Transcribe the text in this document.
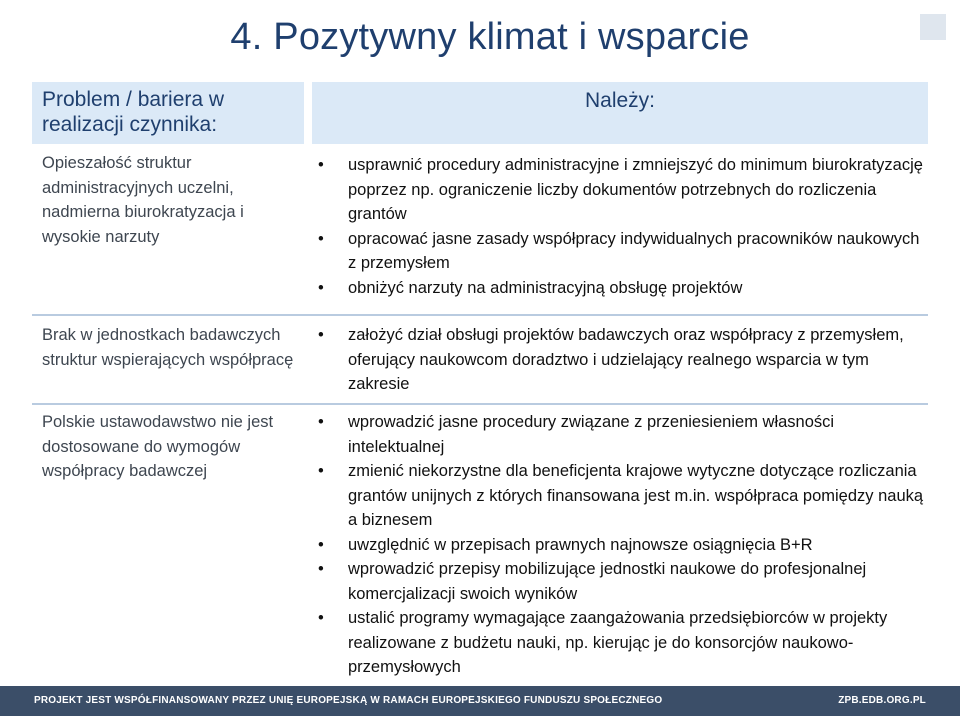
4. Pozytywny klimat i wsparcie
Problem / bariera w realizacji czynnika:
Należy:
Opieszałość struktur administracyjnych uczelni, nadmierna biurokratyzacja i wysokie narzuty
• usprawnić procedury administracyjne i zmniejszyć do minimum biurokratyzację poprzez np. ograniczenie liczby dokumentów potrzebnych do rozliczenia grantów
• opracować jasne zasady współpracy indywidualnych pracowników naukowych z przemysłem
• obniżyć narzuty na administracyjną obsługę projektów
Brak w jednostkach badawczych struktur wspierających współpracę
• założyć dział obsługi projektów badawczych oraz współpracy z przemysłem, oferujący naukowcom doradztwo i udzielający realnego wsparcia w tym zakresie
Polskie ustawodawstwo nie jest dostosowane do wymogów współpracy badawczej
• wprowadzić jasne procedury związane z przeniesieniem własności intelektualnej
• zmienić niekorzystne dla beneficjenta krajowe wytyczne dotyczące rozliczania grantów unijnych z których finansowana jest m.in. współpraca pomiędzy nauką a biznesem
• uwzględnić w przepisach prawnych najnowsze osiągnięcia B+R
• wprowadzić przepisy mobilizujące jednostki naukowe do profesjonalnej komercjalizacji swoich wyników
• ustalić programy wymagające zaangażowania przedsiębiorców w projekty realizowane z budżetu nauki, np. kierując je do konsorcjów naukowo-przemysłowych
PROJEKT JEST WSPÓŁFINANSOWANY PRZEZ UNIĘ EUROPEJSKĄ W RAMACH EUROPEJSKIEGO FUNDUSZU SPOŁECZNEGO	ZPB.EDB.ORG.PL
